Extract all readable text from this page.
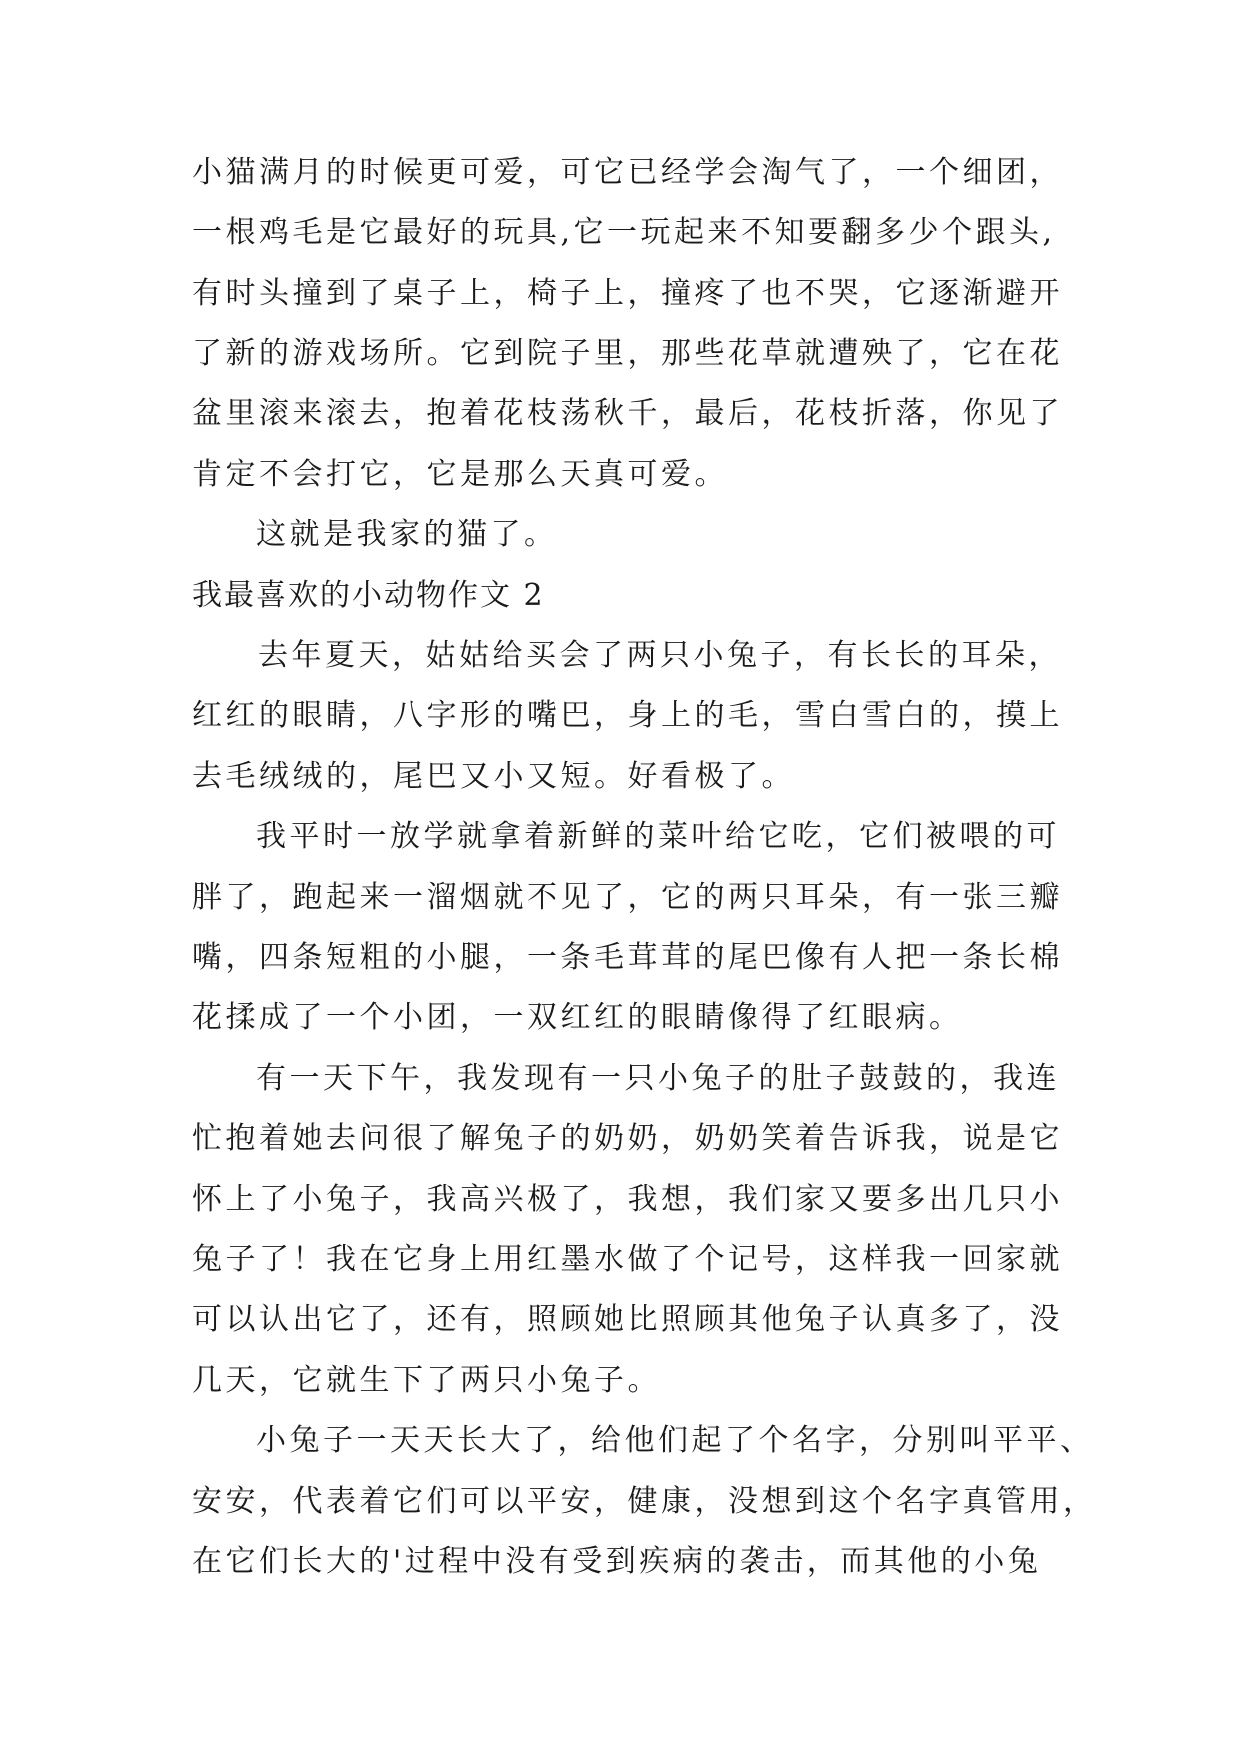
小猫满月的时候更可爱，可它已经学会淘气了，一个细团，
一根鸡毛是它最好的玩具,它一玩起来不知要翻多少个跟头,
有时头撞到了桌子上，椅子上，撞疼了也不哭，它逐渐避开
了新的游戏场所。它到院子里，那些花草就遭殃了，它在花
盆里滚来滚去，抱着花枝荡秋千，最后，花枝折落，你见了
肯定不会打它，它是那么天真可爱。
这就是我家的猫了。
我最喜欢的小动物作文 2
去年夏天，姑姑给买会了两只小兔子，有长长的耳朵，
红红的眼睛，八字形的嘴巴，身上的毛，雪白雪白的，摸上
去毛绒绒的，尾巴又小又短。好看极了。
我平时一放学就拿着新鲜的菜叶给它吃，它们被喂的可
胖了，跑起来一溜烟就不见了，它的两只耳朵，有一张三瓣
嘴，四条短粗的小腿，一条毛茸茸的尾巴像有人把一条长棉
花揉成了一个小团，一双红红的眼睛像得了红眼病。
有一天下午，我发现有一只小兔子的肚子鼓鼓的，我连
忙抱着她去问很了解兔子的奶奶，奶奶笑着告诉我，说是它
怀上了小兔子，我高兴极了，我想，我们家又要多出几只小
兔子了！我在它身上用红墨水做了个记号，这样我一回家就
可以认出它了，还有，照顾她比照顾其他兔子认真多了，没
几天，它就生下了两只小兔子。
小兔子一天天长大了，给他们起了个名字，分别叫平平、
安安，代表着它们可以平安，健康，没想到这个名字真管用，
在它们长大的'过程中没有受到疾病的袭击，而其他的小兔
